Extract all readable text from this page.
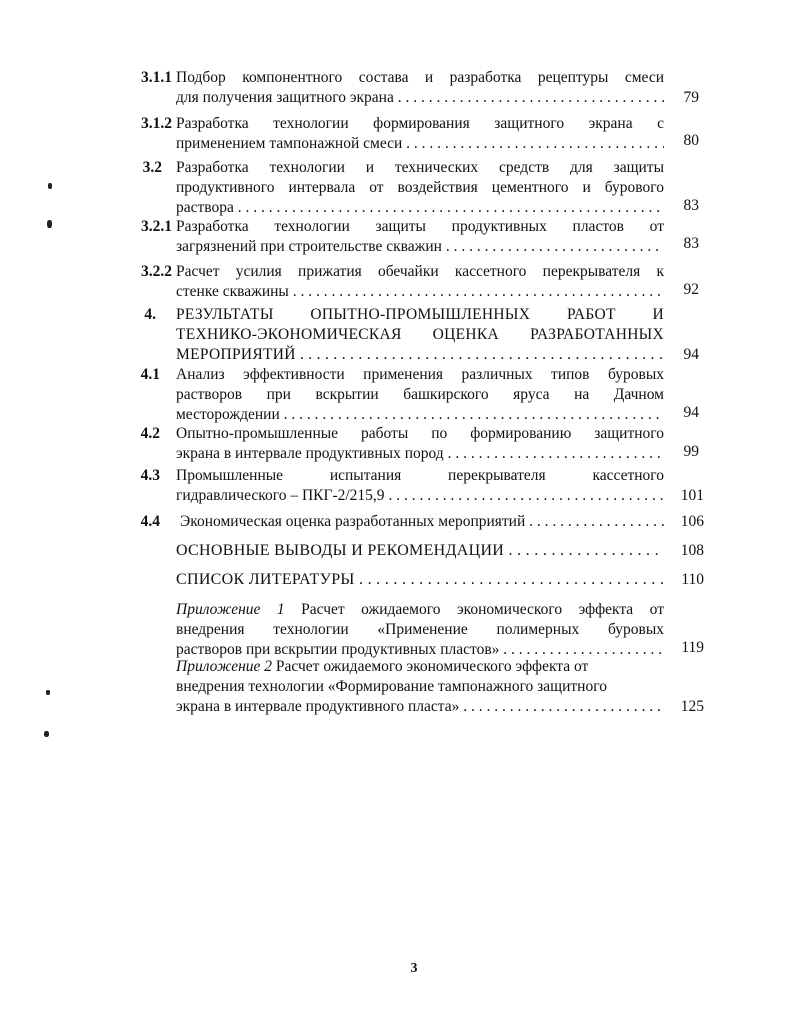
3.1.1 Подбор компонентного состава и разработка рецептуры смеси
для получения защитного экрана . . .	79
3.1.2 Разработка технологии формирования защитного экрана с
применением тампонажной смеси . . .	80
3.2 Разработка технологии и технических средств для защиты
продуктивного интервала от воздействия цементного и бурового
раствора . . .	83
3.2.1 Разработка технологии защиты продуктивных пластов от
загрязнений при строительстве скважин . . .	83
3.2.2 Расчет усилия прижатия обечайки кассетного перекрывателя к
стенке скважины . . .	92
4. РЕЗУЛЬТАТЫ ОПЫТНО-ПРОМЫШЛЕННЫХ РАБОТ И
ТЕХНИКО-ЭКОНОМИЧЕСКАЯ ОЦЕНКА РАЗРАБОТАННЫХ
МЕРОПРИЯТИЙ . . .	94
4.1 Анализ эффективности применения различных типов буровых
растворов при вскрытии башкирского яруса на Дачном
месторождении . . .	94
4.2 Опытно-промышленные работы по формированию защитного
экрана в интервале продуктивных пород . . .	99
4.3 Промышленные испытания перекрывателя кассетного
гидравлического – ПКГ-2/215,9 . . .	101
4.4 Экономическая оценка разработанных мероприятий . . .	106
ОСНОВНЫЕ ВЫВОДЫ И РЕКОМЕНДАЦИИ . . .	108
СПИСОК ЛИТЕРАТУРЫ . . .	110
Приложение 1 Расчет ожидаемого экономического эффекта от
внедрения технологии «Применение полимерных буровых
растворов при вскрытии продуктивных пластов» . . .	119
Приложение 2 Расчет ожидаемого экономического эффекта от
внедрения технологии «Формирование тампонажного защитного
экрана в интервале продуктивного пласта» . . .	125
3
